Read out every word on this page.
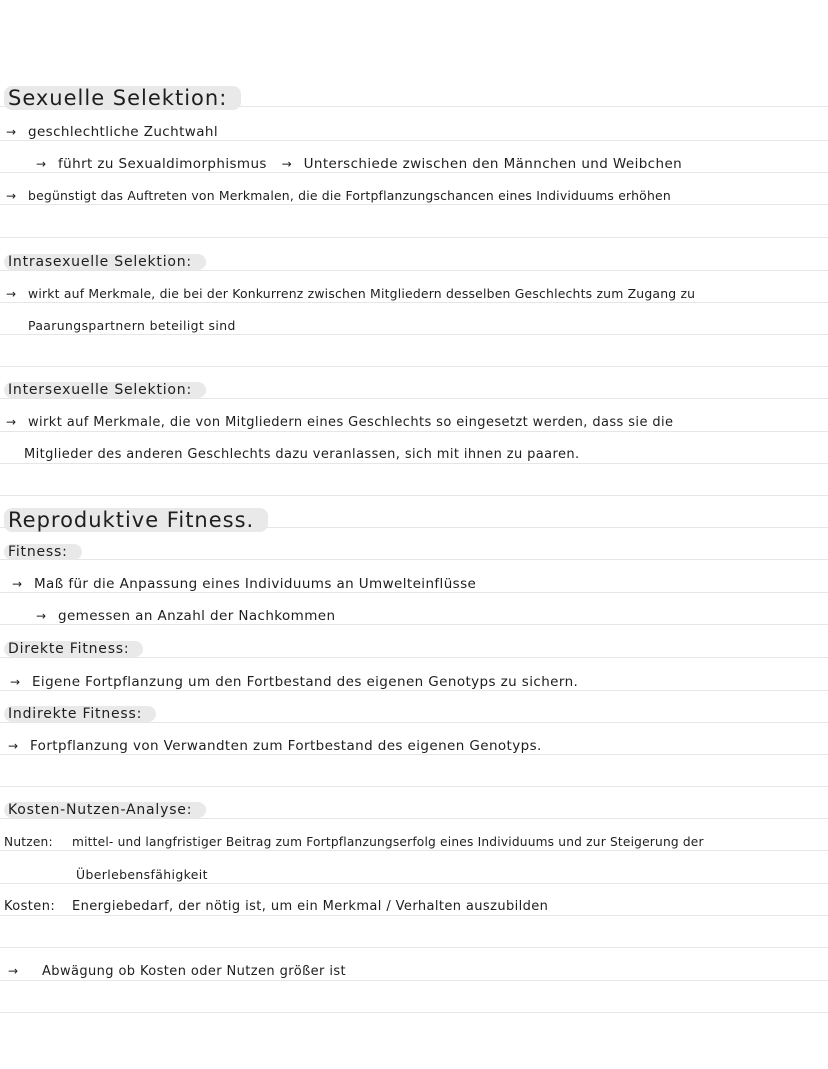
Sexuelle Selektion:
→ geschlechtliche Zuchtwahl
→ führt zu Sexualdimorphismus → Unterschiede zwischen den Männchen und Weibchen
→ begünstigt das Auftreten von Merkmalen, die die Fortpflanzungschancen eines Individuums erhöhen
Intrasexuelle Selektion:
→ wirkt auf Merkmale, die bei der Konkurrenz zwischen Mitgliedern desselben Geschlechts zum Zugang zu
Paarungspartnern beteiligt sind
Intersexuelle Selektion:
→ wirkt auf Merkmale, die von Mitgliedern eines Geschlechts so eingesetzt werden, dass sie die
Mitglieder des anderen Geschlechts dazu veranlassen, sich mit ihnen zu paaren.
Reproduktive Fitness.
Fitness:
→ Maß für die Anpassung eines Individuums an Umwelteinflüsse
→ gemessen an Anzahl der Nachkommen
Direkte Fitness:
→ Eigene Fortpflanzung um den Fortbestand des eigenen Genotyps zu sichern.
Indirekte Fitness:
→ Fortpflanzung von Verwandten zum Fortbestand des eigenen Genotyps.
Kosten-Nutzen-Analyse:
Nutzen: mittel- und langfristiger Beitrag zum Fortpflanzungserfolg eines Individuums und zur Steigerung der
Überlebensfähigkeit
Kosten: Energiebedarf, der nötig ist, um ein Merkmal / Verhalten auszubilden
→ Abwägung ob Kosten oder Nutzen größer ist
